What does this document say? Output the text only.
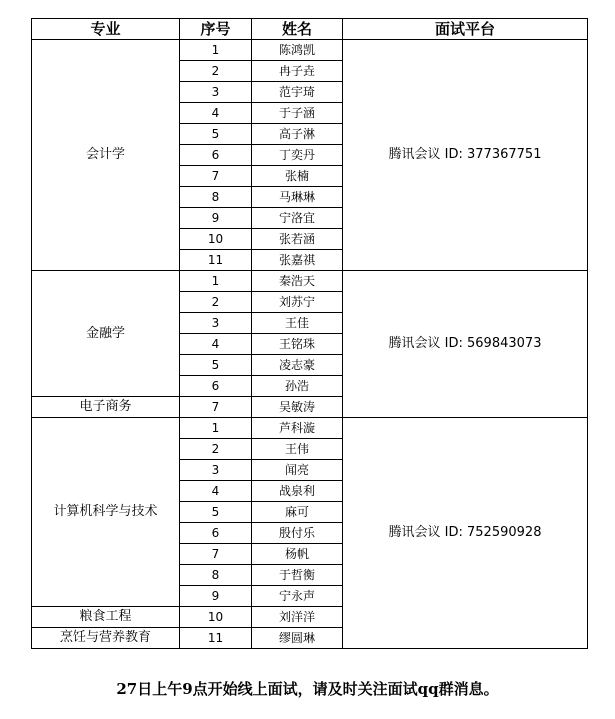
专业	序号	姓名	面试平台
会计学	1	陈鸿凯	腾讯会议 ID: 377367751
	2	冉子垚	
	3	范宇琦	
	4	于子涵	
	5	高子淋	
	6	丁奕丹	
	7	张楠	
	8	马琳琳	
	9	宁洛宜	
	10	张若涵	
	11	张嘉祺	
金融学	1	秦浩天	腾讯会议 ID: 569843073
	2	刘苏宁	
	3	王佳	
	4	王铭珠	
	5	凌志豪	
	6	孙浩	
电子商务	7	吴敏涛	
计算机科学与技术	1	芦科漩	腾讯会议 ID: 752590928
	2	王伟	
	3	闻亮	
	4	战泉利	
	5	麻可	
	6	殷付乐	
	7	杨帆	
	8	于哲衡	
	9	宁永声	
粮食工程	10	刘洋洋	
烹饪与营养教育	11	缪圆琳	
27日上午9点开始线上面试，请及时关注面试qq群消息。
